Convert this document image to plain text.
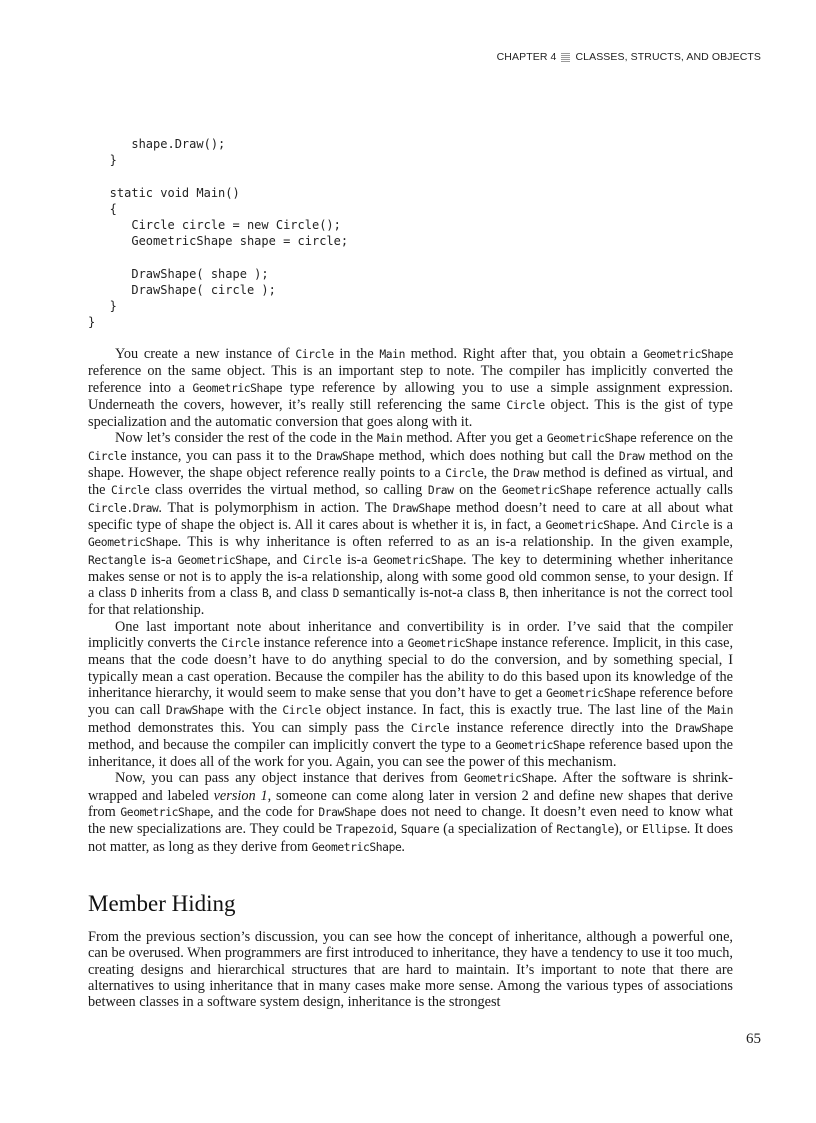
CHAPTER 4 CLASSES, STRUCTS, AND OBJECTS
shape.Draw();
}

static void Main()
{
Circle circle = new Circle();
GeometricShape shape = circle;

DrawShape( shape );
DrawShape( circle );
}
}

You create a new instance of Circle in the Main method. Right after that, you obtain a GeometricShape reference on the same object. This is an important step to note. The compiler has implicitly converted the reference into a GeometricShape type reference by allowing you to use a simple assignment expression. Underneath the covers, however, it’s really still referencing the same Circle object. This is the gist of type specialization and the automatic conversion that goes along with it.

Now let’s consider the rest of the code in the Main method. After you get a GeometricShape reference on the Circle instance, you can pass it to the DrawShape method, which does nothing but call the Draw method on the shape. However, the shape object reference really points to a Circle, the Draw method is defined as virtual, and the Circle class overrides the virtual method, so calling Draw on the GeometricShape reference actually calls Circle.Draw. That is polymorphism in action. The DrawShape method doesn’t need to care at all about what specific type of shape the object is. All it cares about is whether it is, in fact, a GeometricShape. And Circle is a GeometricShape. This is why inheritance is often referred to as an is-a relationship. In the given example, Rectangle is-a GeometricShape, and Circle is-a GeometricShape. The key to determining whether inheritance makes sense or not is to apply the is-a relationship, along with some good old common sense, to your design. If a class D inherits from a class B, and class D semantically is-not-a class B, then inheritance is not the correct tool for that relationship.

One last important note about inheritance and convertibility is in order. I’ve said that the compiler implicitly converts the Circle instance reference into a GeometricShape instance reference. Implicit, in this case, means that the code doesn’t have to do anything special to do the conversion, and by something special, I typically mean a cast operation. Because the compiler has the ability to do this based upon its knowledge of the inheritance hierarchy, it would seem to make sense that you don’t have to get a GeometricShape reference before you can call DrawShape with the Circle object instance. In fact, this is exactly true. The last line of the Main method demonstrates this. You can simply pass the Circle instance reference directly into the DrawShape method, and because the compiler can implicitly convert the type to a GeometricShape reference based upon the inheritance, it does all of the work for you. Again, you can see the power of this mechanism.

Now, you can pass any object instance that derives from GeometricShape. After the software is shrink-wrapped and labeled version 1, someone can come along later in version 2 and define new shapes that derive from GeometricShape, and the code for DrawShape does not need to change. It doesn’t even need to know what the new specializations are. They could be Trapezoid, Square (a specialization of Rectangle), or Ellipse. It does not matter, as long as they derive from GeometricShape.

Member Hiding

From the previous section’s discussion, you can see how the concept of inheritance, although a powerful one, can be overused. When programmers are first introduced to inheritance, they have a tendency to use it too much, creating designs and hierarchical structures that are hard to maintain. It’s important to note that there are alternatives to using inheritance that in many cases make more sense. Among the various types of associations between classes in a software system design, inheritance is the strongest

65
